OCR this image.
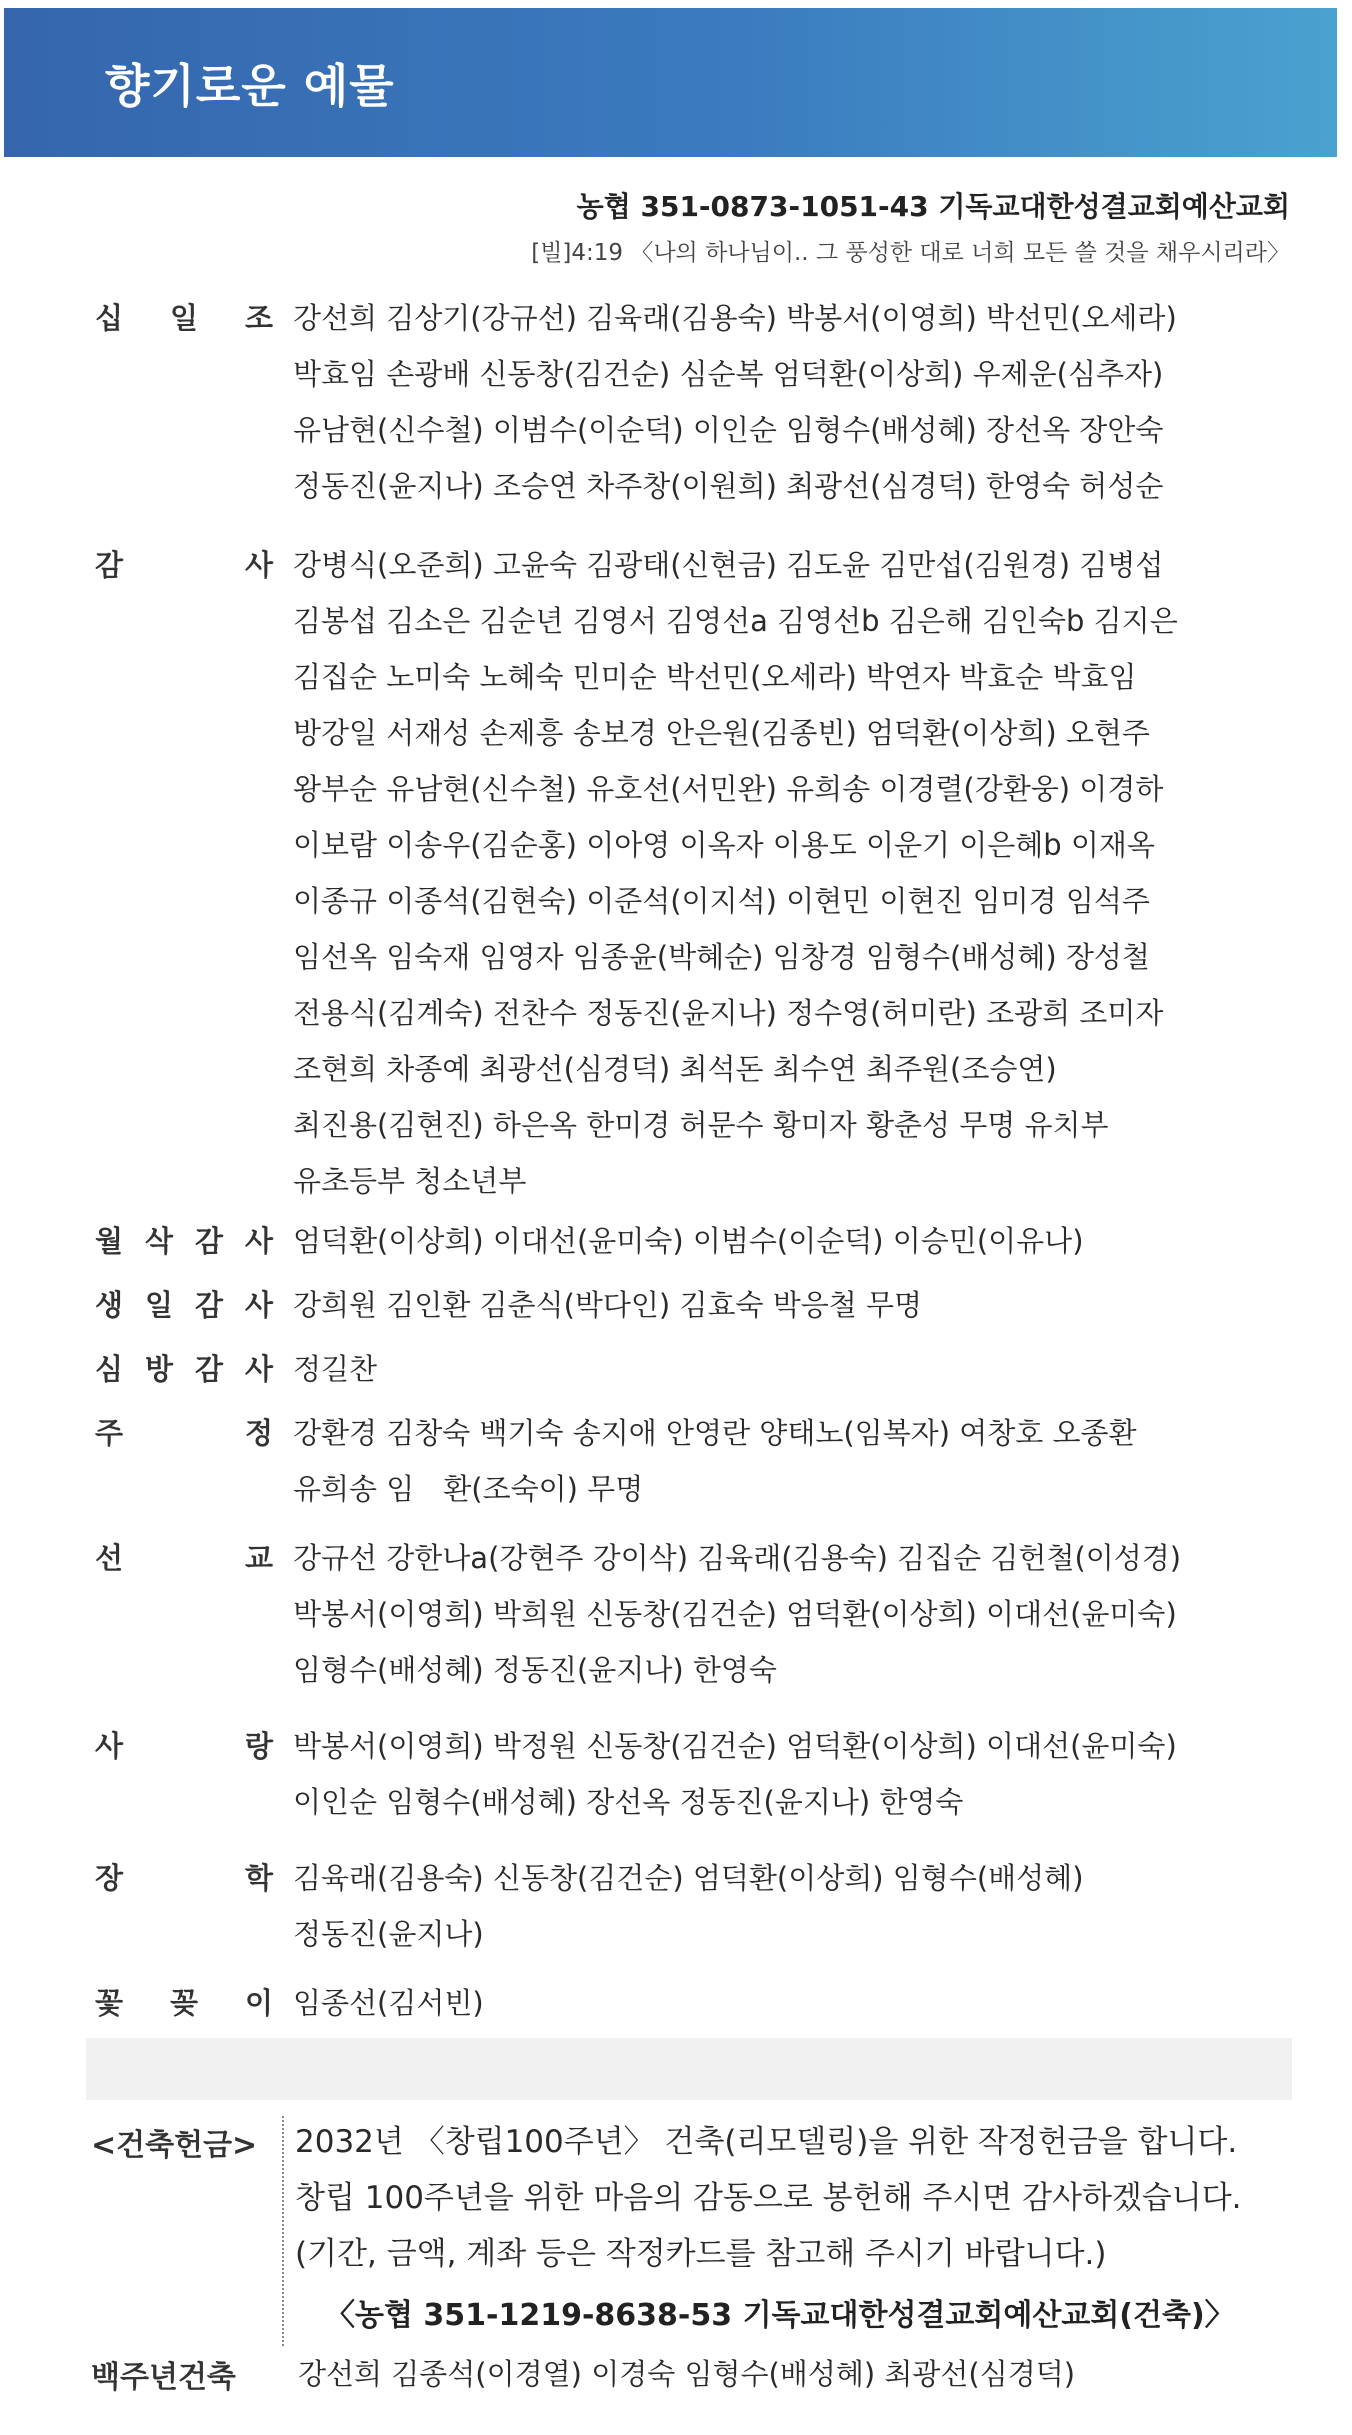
향기로운 예물
농협 351-0873-1051-43 기독교대한성결교회예산교회
[빌]4:19 〈나의 하나님이.. 그 풍성한 대로 너희 모든 쓸 것을 채우시리라〉
십 일 조 강선희 김상기(강규선) 김육래(김용숙) 박봉서(이영희) 박선민(오세라)
박효임 손광배 신동창(김건순) 심순복 엄덕환(이상희) 우제운(심추자)
유남현(신수철) 이범수(이순덕) 이인순 임형수(배성혜) 장선옥 장안숙
정동진(윤지나) 조승연 차주창(이원희) 최광선(심경덕) 한영숙 허성순
감	사 강병식(오준희) 고윤숙 김광태(신현금) 김도윤 김만섭(김원경) 김병섭
김봉섭 김소은 김순년 김영서 김영선a 김영선b 김은해 김인숙b 김지은
김집순 노미숙 노혜숙 민미순 박선민(오세라) 박연자 박효순 박효임
방강일 서재성 손제흥 송보경 안은원(김종빈) 엄덕환(이상희) 오현주
왕부순 유남현(신수철) 유호선(서민완) 유희송 이경렬(강환웅) 이경하
이보람 이송우(김순홍) 이아영 이옥자 이용도 이운기 이은혜b 이재옥
이종규 이종석(김현숙) 이준석(이지석) 이현민 이현진 임미경 임석주
임선옥 임숙재 임영자 임종윤(박혜순) 임창경 임형수(배성혜) 장성철
전용식(김계숙) 전찬수 정동진(윤지나) 정수영(허미란) 조광희 조미자
조현희 차종예 최광선(심경덕) 최석돈 최수연 최주원(조승연)
최진용(김현진) 하은옥 한미경 허문수 황미자 황춘성 무명 유치부
유초등부 청소년부
월 삭 감 사 엄덕환(이상희) 이대선(윤미숙) 이범수(이순덕) 이승민(이유나)
생 일 감 사 강희원 김인환 김춘식(박다인) 김효숙 박응철 무명
심 방 감 사 정길찬
주	정 강환경 김창숙 백기숙 송지애 안영란 양태노(임복자) 여창호 오종환
유희송 임　환(조숙이) 무명
선	교 강규선 강한나a(강현주 강이삭) 김육래(김용숙) 김집순 김헌철(이성경)
박봉서(이영희) 박희원 신동창(김건순) 엄덕환(이상희) 이대선(윤미숙)
임형수(배성혜) 정동진(윤지나) 한영숙
사	랑 박봉서(이영희) 박정원 신동창(김건순) 엄덕환(이상희) 이대선(윤미숙)
이인순 임형수(배성혜) 장선옥 정동진(윤지나) 한영숙
장	학 김육래(김용숙) 신동창(김건순) 엄덕환(이상희) 임형수(배성혜)
정동진(윤지나)
꽃 꽂 이 임종선(김서빈)
<건축헌금> 2032년 〈창립100주년〉 건축(리모델링)을 위한 작정헌금을 합니다.
창립 100주년을 위한 마음의 감동으로 봉헌해 주시면 감사하겠습니다.
(기간, 금액, 계좌 등은 작정카드를 참고해 주시기 바랍니다.)
〈농협 351-1219-8638-53 기독교대한성결교회예산교회(건축)〉
백주년건축 강선희 김종석(이경열) 이경숙 임형수(배성혜) 최광선(심경덕)
